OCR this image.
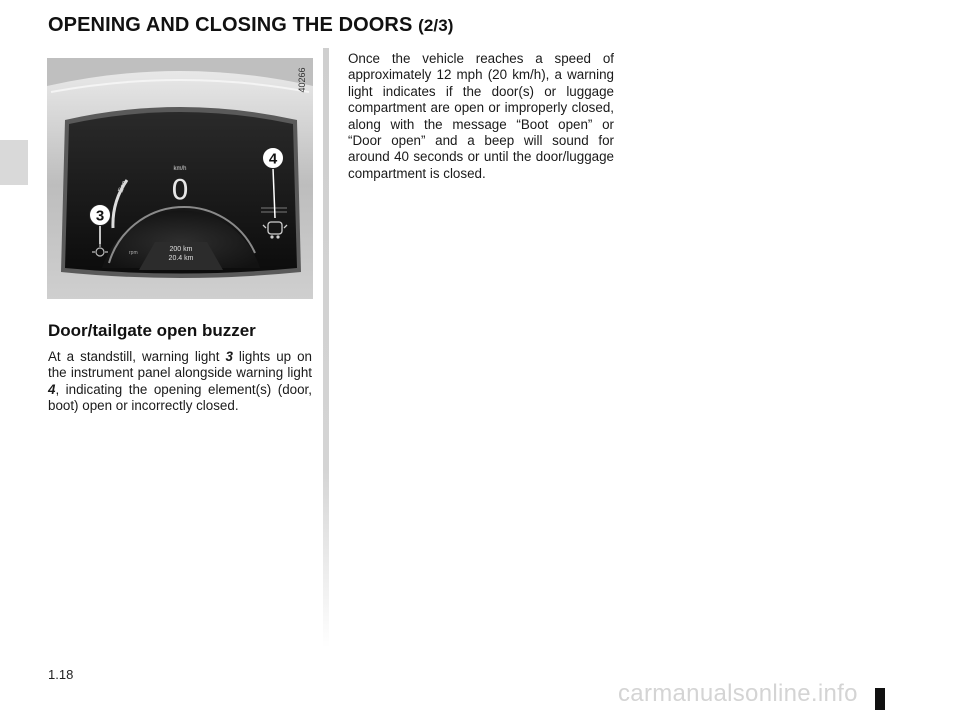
OPENING AND CLOSING THE DOORS (2/3)
Eco
km/h
0
rpm	200 km
20.4 km
3
4
40266
Door/tailgate open buzzer

At a standstill, warning light 3 lights up on the instrument panel alongside warning light 4, indicating the opening element(s) (door, boot) open or incorrectly closed.

Once the vehicle reaches a speed of approximately 12 mph (20 km/h), a warning light indicates if the door(s) or luggage compartment are open or improperly closed, along with the message “Boot open” or “Door open” and a beep will sound for around 40 seconds or until the door/luggage compartment is closed.

1.18
carmanualsonline.info
